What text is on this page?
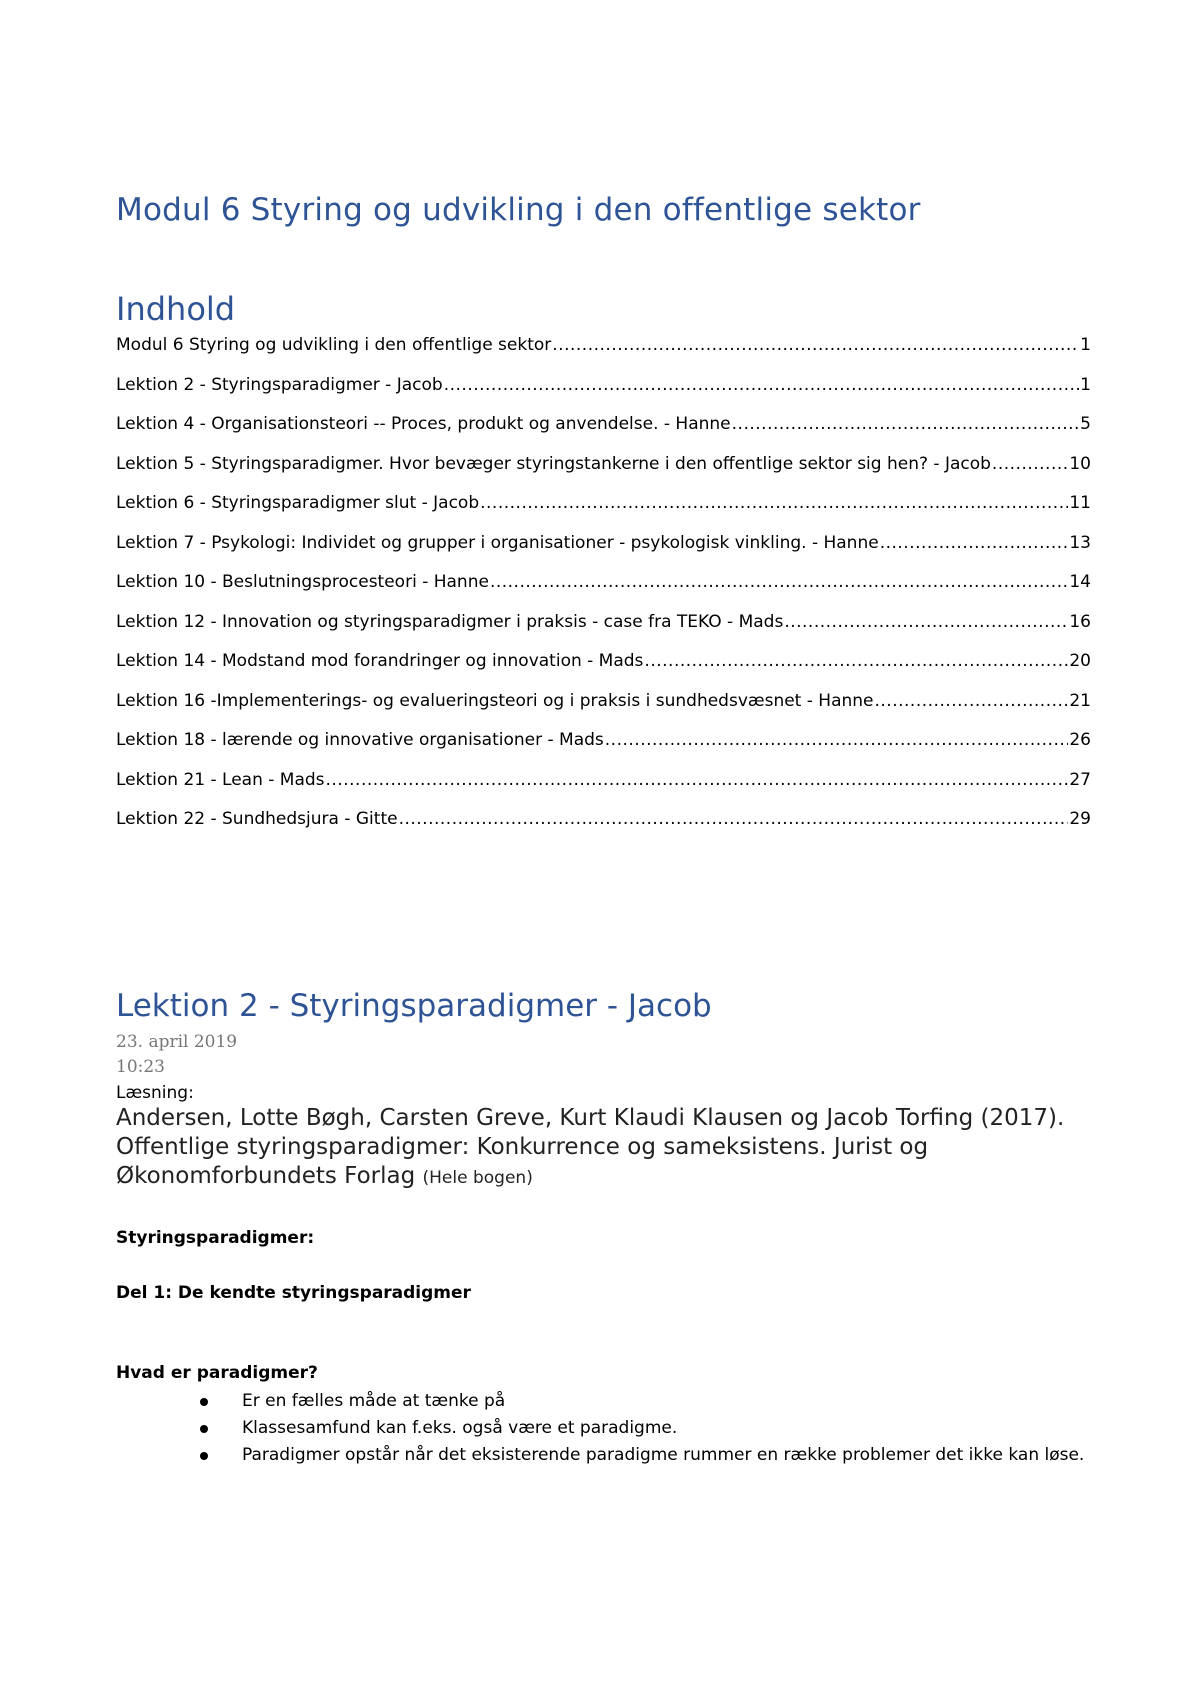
Modul 6 Styring og udvikling i den offentlige sektor
Indhold
Modul 6 Styring og udvikling i den offentlige sektor .....	1
Lektion 2 - Styringsparadigmer - Jacob .....	1
Lektion 4 - Organisationsteori -- Proces, produkt og anvendelse. - Hanne .....	5
Lektion 5 - Styringsparadigmer. Hvor bevæger styringstankerne i den offentlige sektor sig hen? - Jacob .....	10
Lektion 6 - Styringsparadigmer slut - Jacob .....	11
Lektion 7 - Psykologi: Individet og grupper i organisationer - psykologisk vinkling. - Hanne .....	13
Lektion 10 - Beslutningsprocesteori - Hanne .....	14
Lektion 12 - Innovation og styringsparadigmer i praksis - case fra TEKO - Mads .....	16
Lektion 14 - Modstand mod forandringer og innovation - Mads .....	20
Lektion 16 -Implementerings- og evalueringsteori og i praksis i sundhedsvæsnet - Hanne .....	21
Lektion 18 - lærende og innovative organisationer - Mads .....	26
Lektion 21 - Lean - Mads .....	27
Lektion 22 - Sundhedsjura - Gitte .....	29
Lektion 2 - Styringsparadigmer - Jacob
23. april 2019
10:23
Læsning:
Andersen, Lotte Bøgh, Carsten Greve, Kurt Klaudi Klausen og Jacob Torfing (2017). Offentlige styringsparadigmer: Konkurrence og sameksistens. Jurist og Økonomforbundets Forlag (Hele bogen)
Styringsparadigmer:
Del 1: De kendte styringsparadigmer
Hvad er paradigmer?
Er en fælles måde at tænke på
Klassesamfund kan f.eks. også være et paradigme.
Paradigmer opstår når det eksisterende paradigme rummer en række problemer det ikke kan løse.
